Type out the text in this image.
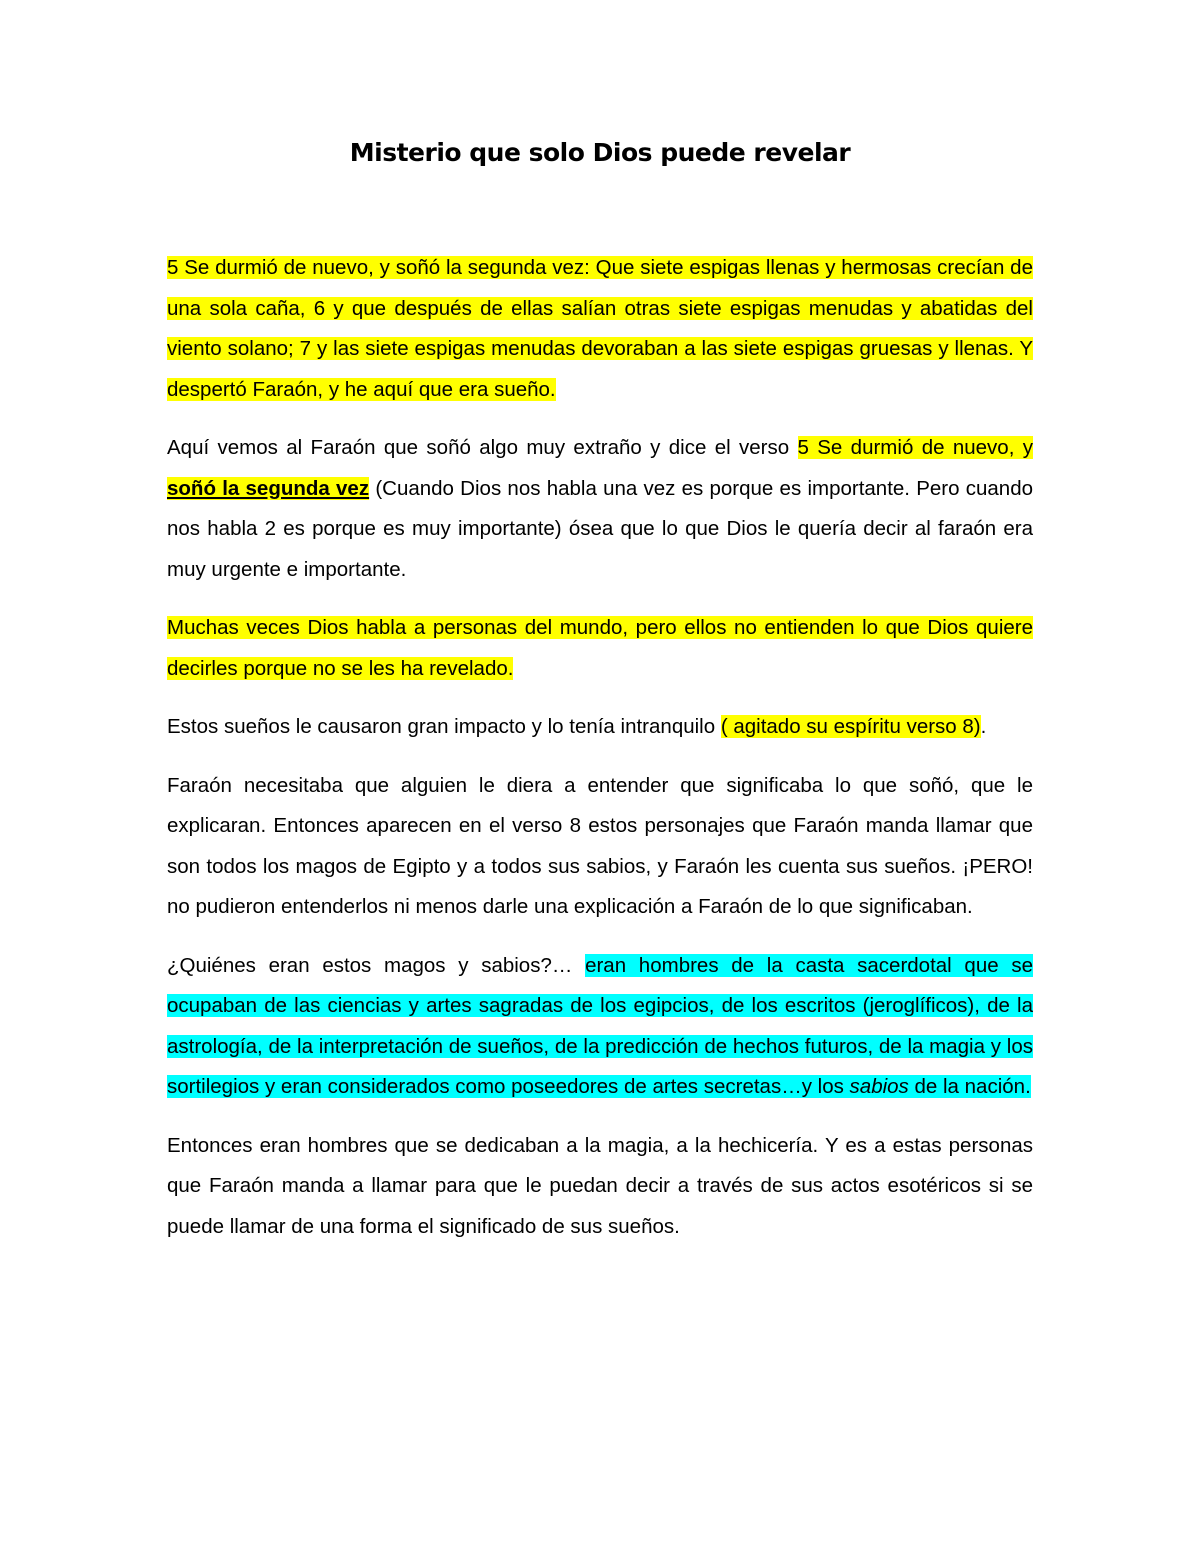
Misterio que solo Dios puede revelar

5 Se durmió de nuevo, y soñó la segunda vez: Que siete espigas llenas y hermosas crecían de una sola caña, 6 y que después de ellas salían otras siete espigas menudas y abatidas del viento solano; 7 y las siete espigas menudas devoraban a las siete espigas gruesas y llenas. Y despertó Faraón, y he aquí que era sueño.

Aquí vemos al Faraón que soñó algo muy extraño y dice el verso 5 Se durmió de nuevo, y soñó la segunda vez (Cuando Dios nos habla una vez es porque es importante. Pero cuando nos habla 2 es porque es muy importante) ósea que lo que Dios le quería decir al faraón era muy urgente e importante.

Muchas veces Dios habla a personas del mundo, pero ellos no entienden lo que Dios quiere decirles porque no se les ha revelado.

Estos sueños le causaron gran impacto y lo tenía intranquilo ( agitado su espíritu verso 8).

Faraón necesitaba que alguien le diera a entender que significaba lo que soñó, que le explicaran. Entonces aparecen en el verso 8 estos personajes que Faraón manda llamar que son todos los magos de Egipto y a todos sus sabios, y Faraón les cuenta sus sueños. ¡PERO! no pudieron entenderlos ni menos darle una explicación a Faraón de lo que significaban.

¿Quiénes eran estos magos y sabios?… eran hombres de la casta sacerdotal que se ocupaban de las ciencias y artes sagradas de los egipcios, de los escritos (jeroglíficos), de la astrología, de la interpretación de sueños, de la predicción de hechos futuros, de la magia y los sortilegios y eran considerados como poseedores de artes secretas…y los sabios de la nación.

Entonces eran hombres que se dedicaban a la magia, a la hechicería. Y es a estas personas que Faraón manda a llamar para que le puedan decir a través de sus actos esotéricos si se puede llamar de una forma el significado de sus sueños.
